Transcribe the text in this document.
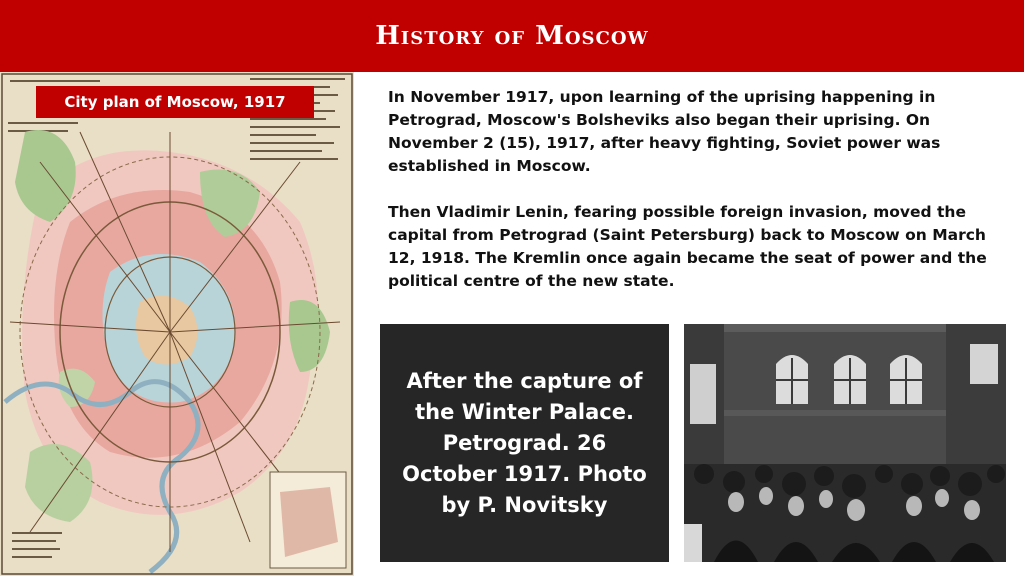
History of Moscow
City plan of Moscow, 1917	In November 1917, upon learning of the uprising happening in Petrograd, Moscow's Bolsheviks also began their uprising. On November 2 (15), 1917, after heavy fighting, Soviet power was established in Moscow.

Then Vladimir Lenin, fearing possible foreign invasion, moved the capital from Petrograd (Saint Petersburg) back to Moscow on March 12, 1918. The Kremlin once again became the seat of power and the political centre of the new state.

After the capture of the Winter Palace. Petrograd. 26 October 1917. Photo by P. Novitsky
